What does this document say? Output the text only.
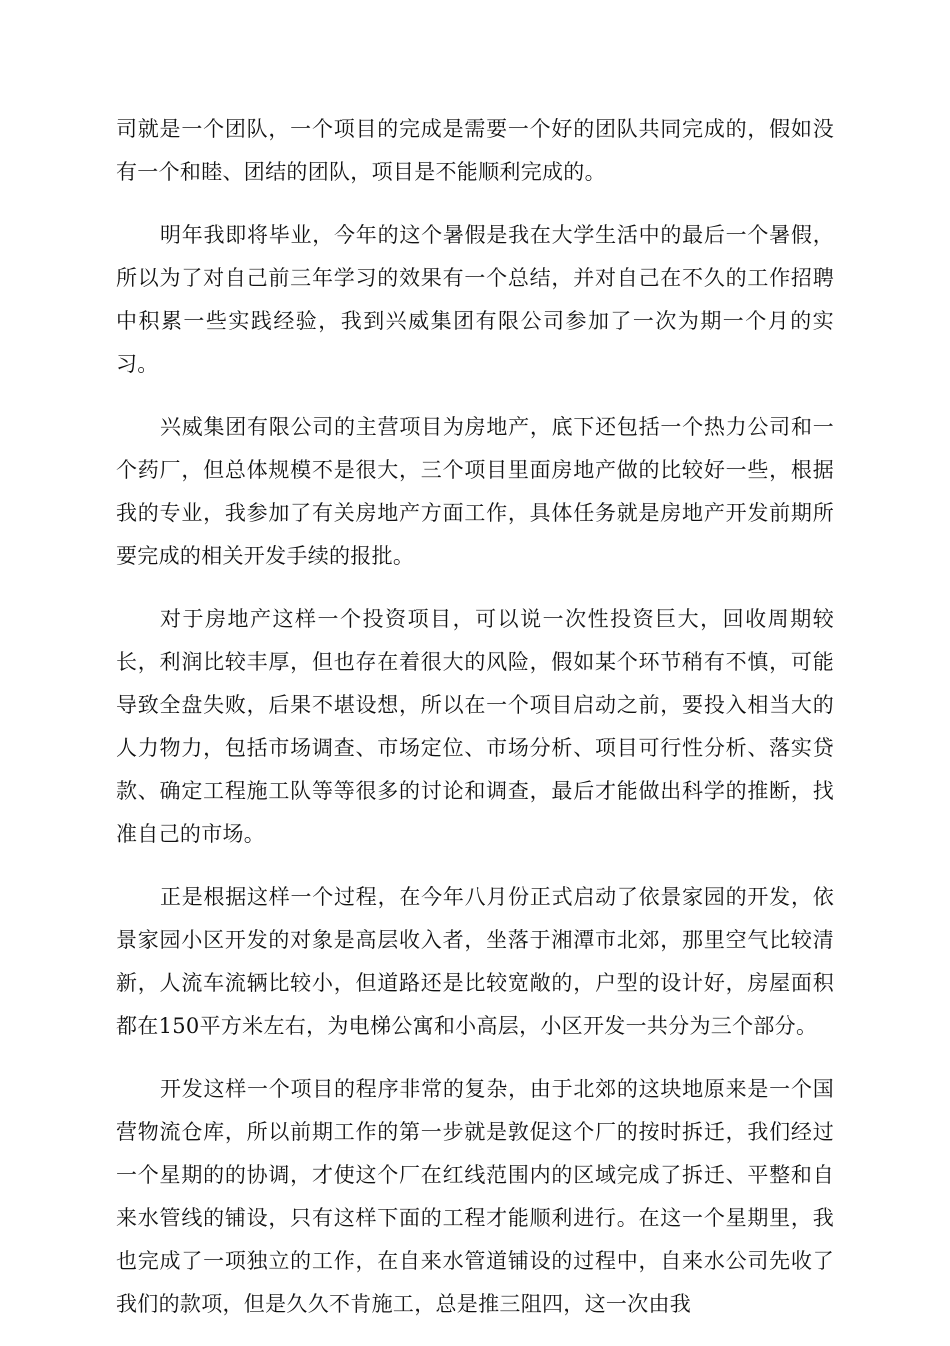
司就是一个团队，一个项目的完成是需要一个好的团队共同完成的，假如没有一个和睦、团结的团队，项目是不能顺利完成的。

明年我即将毕业，今年的这个暑假是我在大学生活中的最后一个暑假，所以为了对自己前三年学习的效果有一个总结，并对自己在不久的工作招聘中积累一些实践经验，我到兴威集团有限公司参加了一次为期一个月的实习。

兴威集团有限公司的主营项目为房地产，底下还包括一个热力公司和一个药厂，但总体规模不是很大，三个项目里面房地产做的比较好一些，根据我的专业，我参加了有关房地产方面工作，具体任务就是房地产开发前期所要完成的相关开发手续的报批。

对于房地产这样一个投资项目，可以说一次性投资巨大，回收周期较长，利润比较丰厚，但也存在着很大的风险，假如某个环节稍有不慎，可能导致全盘失败，后果不堪设想，所以在一个项目启动之前，要投入相当大的人力物力，包括市场调查、市场定位、市场分析、项目可行性分析、落实贷款、确定工程施工队等等很多的讨论和调查，最后才能做出科学的推断，找准自己的市场。

正是根据这样一个过程，在今年八月份正式启动了依景家园的开发，依景家园小区开发的对象是高层收入者，坐落于湘潭市北郊，那里空气比较清新，人流车流辆比较小，但道路还是比较宽敞的，户型的设计好，房屋面积都在150平方米左右，为电梯公寓和小高层，小区开发一共分为三个部分。

开发这样一个项目的程序非常的复杂，由于北郊的这块地原来是一个国营物流仓库，所以前期工作的第一步就是敦促这个厂的按时拆迁，我们经过一个星期的的协调，才使这个厂在红线范围内的区域完成了拆迁、平整和自来水管线的铺设，只有这样下面的工程才能顺利进行。在这一个星期里，我也完成了一项独立的工作，在自来水管道铺设的过程中，自来水公司先收了我们的款项，但是久久不肯施工，总是推三阻四，这一次由我
